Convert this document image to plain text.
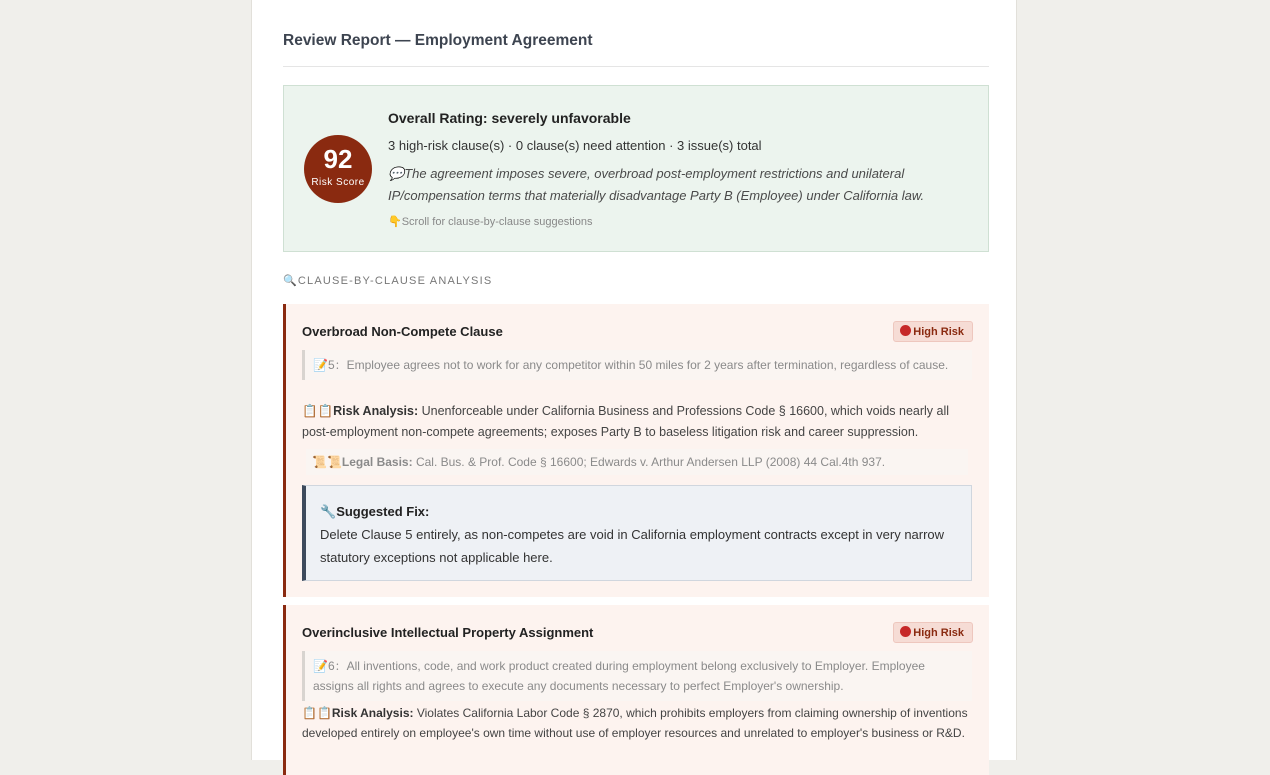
Review Report — Employment Agreement
92
Risk Score
Overall Rating: severely unfavorable
3 high-risk clause(s) · 0 clause(s) need attention · 3 issue(s) total
💬The agreement imposes severe, overbroad post-employment restrictions and unilateral IP/compensation terms that materially disadvantage Party B (Employee) under California law.
👇Scroll for clause-by-clause suggestions
🔍CLAUSE-BY-CLAUSE ANALYSIS
Overbroad Non-Compete Clause	High Risk
📝5：Employee agrees not to work for any competitor within 50 miles for 2 years after termination, regardless of cause.
📋📋Risk Analysis: Unenforceable under California Business and Professions Code § 16600, which voids nearly all post-employment non-compete agreements; exposes Party B to baseless litigation risk and career suppression.
📜📜Legal Basis: Cal. Bus. & Prof. Code § 16600; Edwards v. Arthur Andersen LLP (2008) 44 Cal.4th 937.
🔧Suggested Fix:
Delete Clause 5 entirely, as non-competes are void in California employment contracts except in very narrow statutory exceptions not applicable here.
Overinclusive Intellectual Property Assignment	High Risk
📝6：All inventions, code, and work product created during employment belong exclusively to Employer. Employee assigns all rights and agrees to execute any documents necessary to perfect Employer's ownership.
📋📋Risk Analysis: Violates California Labor Code § 2870, which prohibits employers from claiming ownership of inventions developed entirely on employee's own time without use of employer resources and unrelated to employer's business or R&D.
